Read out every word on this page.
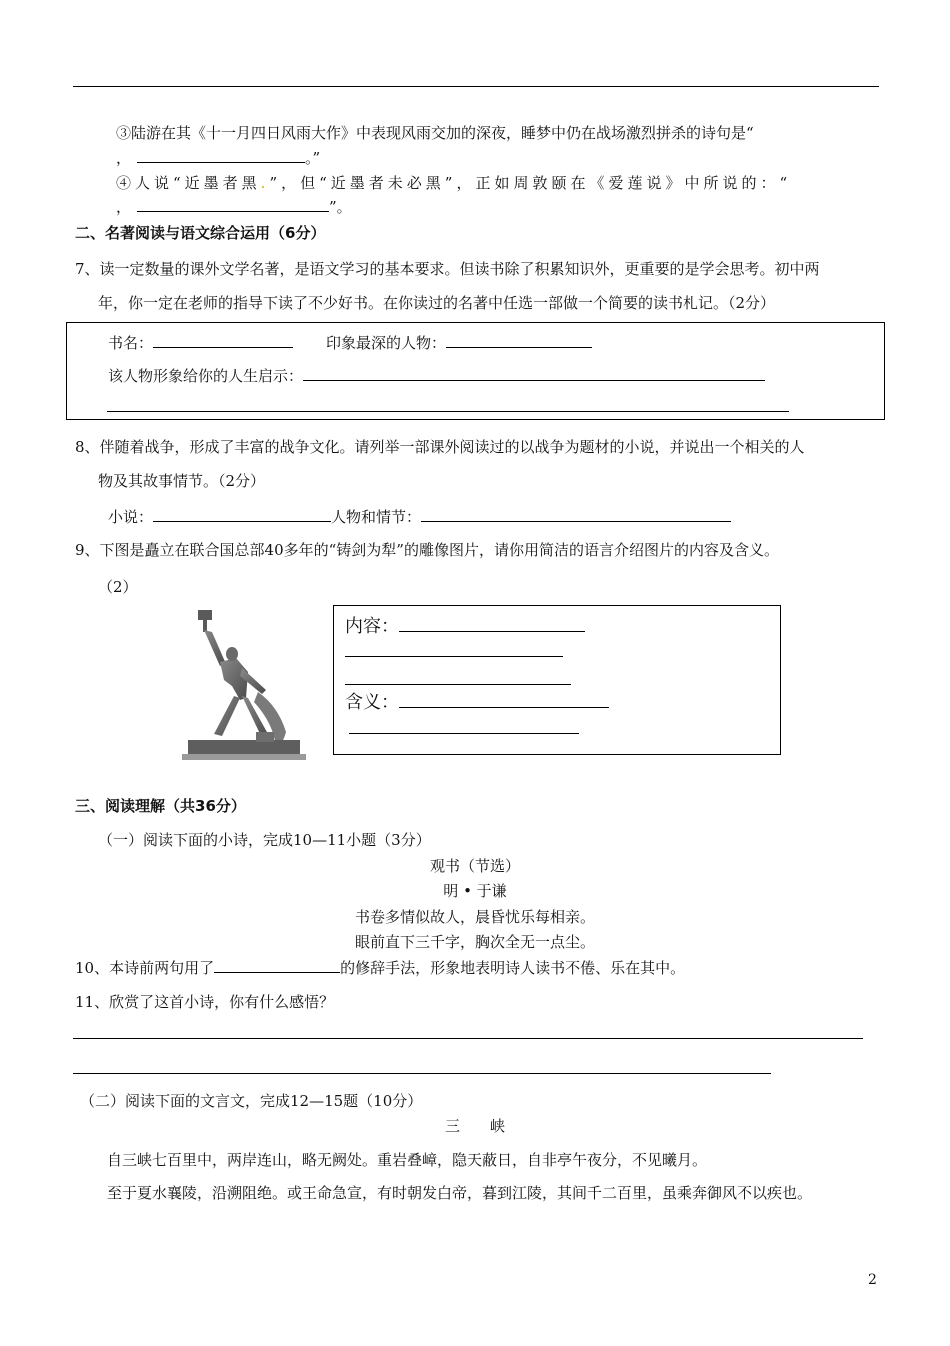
③陆游在其《十一月四日风雨大作》中表现风雨交加的深夜，睡梦中仍在战场激烈拼杀的诗句是“
，	。”
④人说“近墨者黑.”，但“近墨者未必黑”，正如周敦颐在《爱莲说》中所说的：“
，	”。
二、名著阅读与语文综合运用（6分）
7、读一定数量的课外文学名著，是语文学习的基本要求。但读书除了积累知识外，更重要的是学会思考。初中两
年，你一定在老师的指导下读了不少好书。在你读过的名著中任选一部做一个简要的读书札记。（2分）
书名：	印象最深的人物：
该人物形象给你的人生启示：
8、伴随着战争，形成了丰富的战争文化。请列举一部课外阅读过的以战争为题材的小说，并说出一个相关的人
物及其故事情节。（2分）
小说：	人物和情节：
9、下图是矗立在联合国总部40多年的“铸剑为犁”的雕像图片，请你用简洁的语言介绍图片的内容及含义。
（2）
内容：
含义：
三、阅读理解（共36分）
（一）阅读下面的小诗，完成10—11小题（3分）
观书（节选）
明 • 于谦
书卷多情似故人，晨昏忧乐每相亲。
眼前直下三千字，胸次全无一点尘。
10、本诗前两句用了	的修辞手法，形象地表明诗人读书不倦、乐在其中。
11、欣赏了这首小诗，你有什么感悟？
（二）阅读下面的文言文，完成12—15题（10分）
三　　峡
自三峡七百里中，两岸连山，略无阙处。重岩叠嶂，隐天蔽日，自非亭午夜分，不见曦月。
至于夏水襄陵，沿溯阻绝。或王命急宣，有时朝发白帝，暮到江陵，其间千二百里，虽乘奔御风不以疾也。
2
